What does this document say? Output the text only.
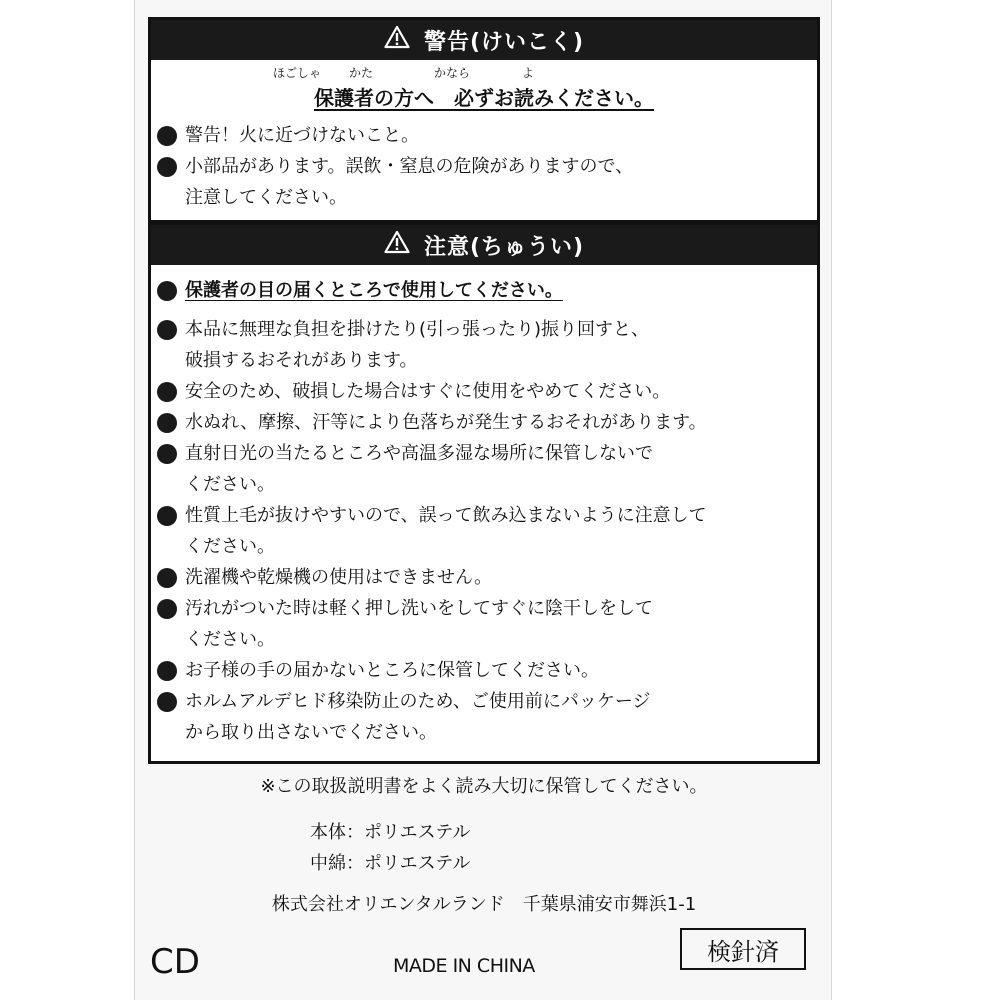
警告(けいこく)
ほごしゃ かた	かなら	よ
保護者の方へ　必ずお読みください。
警告！火に近づけないこと。
小部品があります。誤飲・窒息の危険がありますので、
注意してください。
注意(ちゅうい)
保護者の目の届くところで使用してください。
本品に無理な負担を掛けたり(引っ張ったり)振り回すと、
破損するおそれがあります。
安全のため、破損した場合はすぐに使用をやめてください。
水ぬれ、摩擦、汗等により色落ちが発生するおそれがあります。
直射日光の当たるところや高温多湿な場所に保管しないで
ください。
性質上毛が抜けやすいので、誤って飲み込まないように注意して
ください。
洗濯機や乾燥機の使用はできません。
汚れがついた時は軽く押し洗いをしてすぐに陰干しをして
ください。
お子様の手の届かないところに保管してください。
ホルムアルデヒド移染防止のため、ご使用前にパッケージ
から取り出さないでください。
※この取扱説明書をよく読み大切に保管してください。
本体：ポリエステル
中綿：ポリエステル
株式会社オリエンタルランド　千葉県浦安市舞浜1-1
CD	MADE IN CHINA
検針済
